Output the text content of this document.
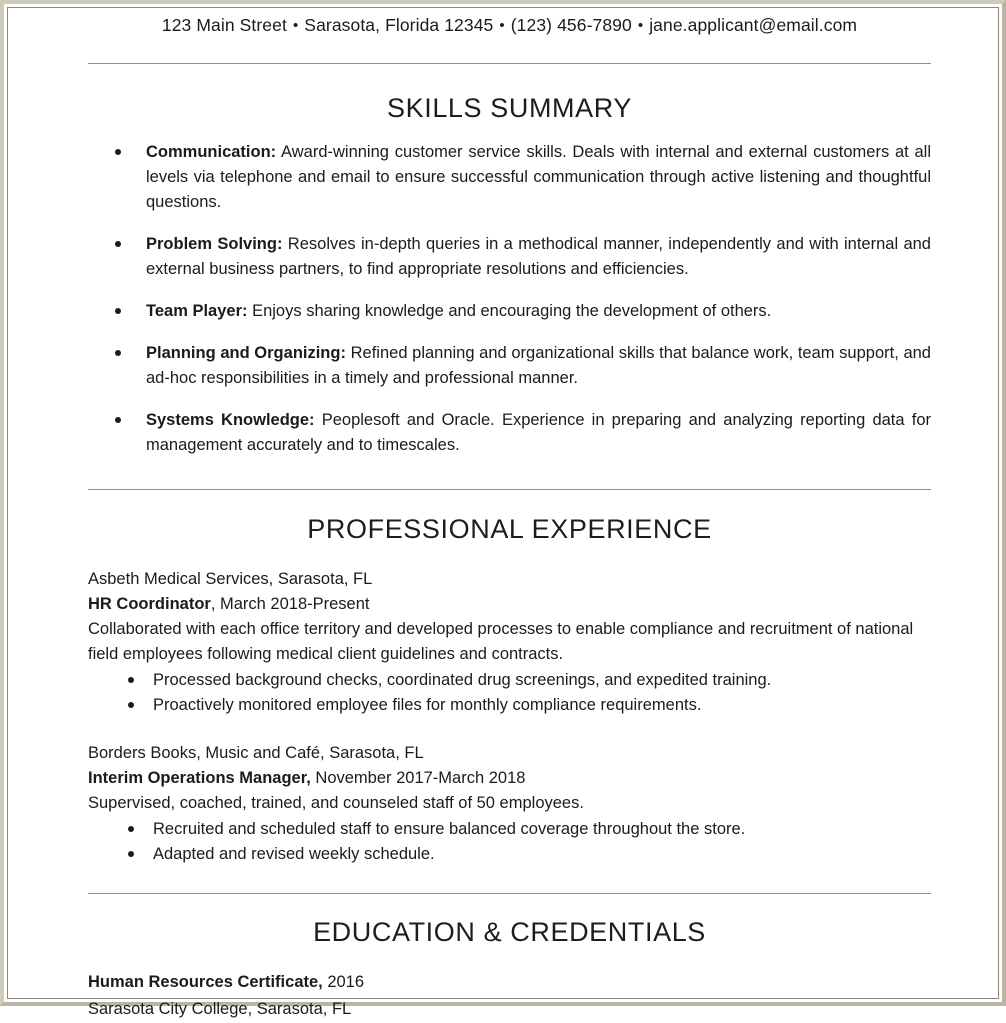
123 Main Street • Sarasota, Florida 12345 • (123) 456-7890 • jane.applicant@email.com
SKILLS SUMMARY
Communication: Award-winning customer service skills. Deals with internal and external customers at all levels via telephone and email to ensure successful communication through active listening and thoughtful questions.
Problem Solving: Resolves in-depth queries in a methodical manner, independently and with internal and external business partners, to find appropriate resolutions and efficiencies.
Team Player: Enjoys sharing knowledge and encouraging the development of others.
Planning and Organizing: Refined planning and organizational skills that balance work, team support, and ad-hoc responsibilities in a timely and professional manner.
Systems Knowledge: Peoplesoft and Oracle. Experience in preparing and analyzing reporting data for management accurately and to timescales.
PROFESSIONAL EXPERIENCE

Asbeth Medical Services, Sarasota, FL

HR Coordinator, March 2018-Present

Collaborated with each office territory and developed processes to enable compliance and recruitment of national field employees following medical client guidelines and contracts.

Processed background checks, coordinated drug screenings, and expedited training.
Proactively monitored employee files for monthly compliance requirements.

Borders Books, Music and Café, Sarasota, FL

Interim Operations Manager, November 2017-March 2018

Supervised, coached, trained, and counseled staff of 50 employees.

Recruited and scheduled staff to ensure balanced coverage throughout the store.
Adapted and revised weekly schedule.
EDUCATION & CREDENTIALS

Human Resources Certificate, 2016

Sarasota City College, Sarasota, FL
